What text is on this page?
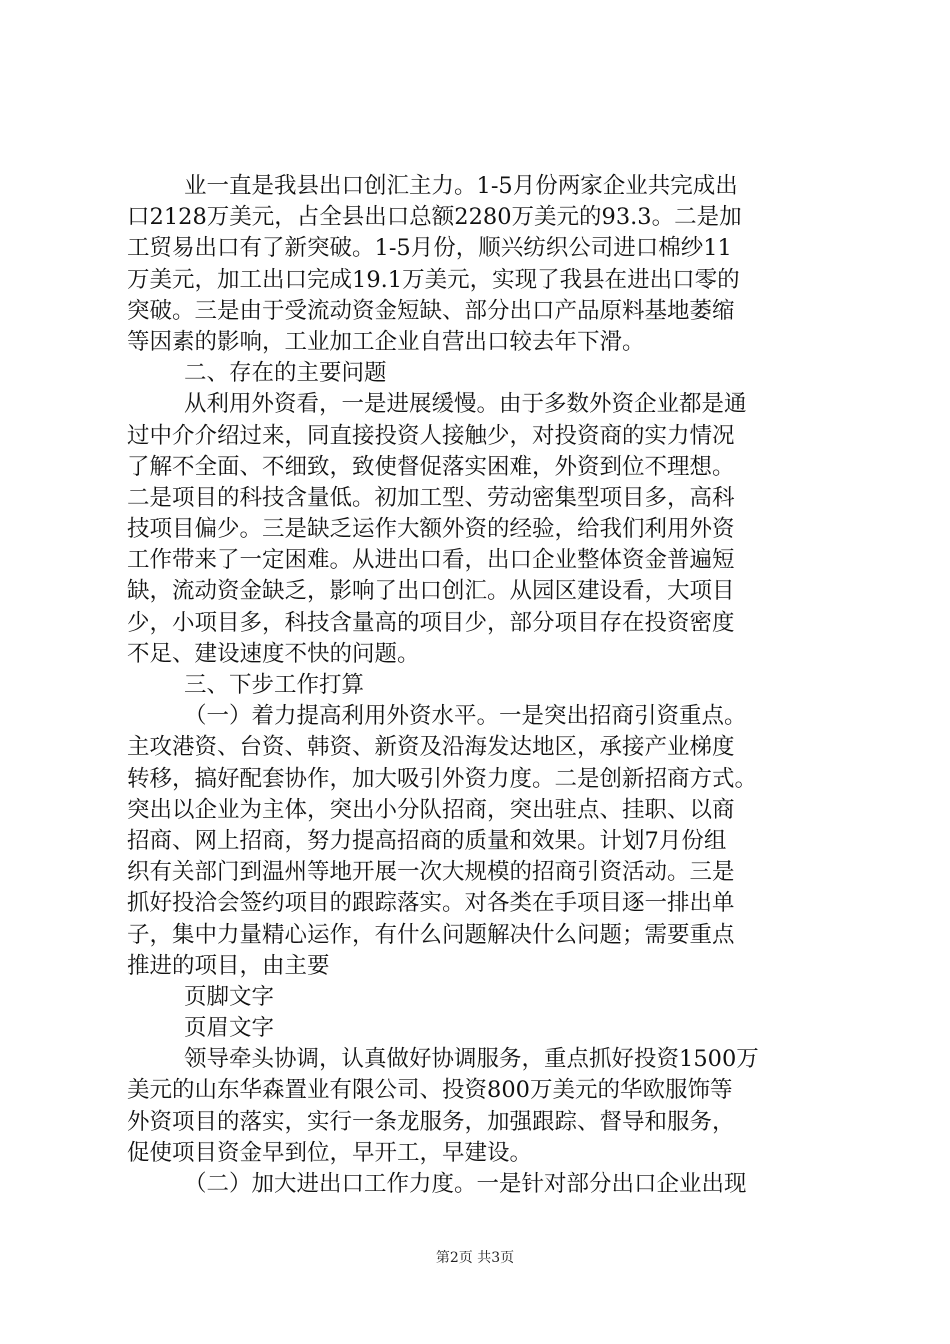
业一直是我县出口创汇主力。1-5月份两家企业共完成出
口2128万美元，占全县出口总额2280万美元的93.3。二是加
工贸易出口有了新突破。1-5月份，顺兴纺织公司进口棉纱11
万美元，加工出口完成19.1万美元，实现了我县在进出口零的
突破。三是由于受流动资金短缺、部分出口产品原料基地萎缩
等因素的影响，工业加工企业自营出口较去年下滑。
二、存在的主要问题
从利用外资看，一是进展缓慢。由于多数外资企业都是通
过中介介绍过来，同直接投资人接触少，对投资商的实力情况
了解不全面、不细致，致使督促落实困难，外资到位不理想。
二是项目的科技含量低。初加工型、劳动密集型项目多，高科
技项目偏少。三是缺乏运作大额外资的经验，给我们利用外资
工作带来了一定困难。从进出口看，出口企业整体资金普遍短
缺，流动资金缺乏，影响了出口创汇。从园区建设看，大项目
少，小项目多，科技含量高的项目少，部分项目存在投资密度
不足、建设速度不快的问题。
三、下步工作打算
（一）着力提高利用外资水平。一是突出招商引资重点。
主攻港资、台资、韩资、新资及沿海发达地区，承接产业梯度
转移，搞好配套协作，加大吸引外资力度。二是创新招商方式。
突出以企业为主体，突出小分队招商，突出驻点、挂职、以商
招商、网上招商，努力提高招商的质量和效果。计划7月份组
织有关部门到温州等地开展一次大规模的招商引资活动。三是
抓好投洽会签约项目的跟踪落实。对各类在手项目逐一排出单
子，集中力量精心运作，有什么问题解决什么问题；需要重点
推进的项目，由主要
页脚文字
页眉文字
领导牵头协调，认真做好协调服务，重点抓好投资1500万
美元的山东华森置业有限公司、投资800万美元的华欧服饰等
外资项目的落实，实行一条龙服务，加强跟踪、督导和服务，
促使项目资金早到位，早开工，早建设。
（二）加大进出口工作力度。一是针对部分出口企业出现
第2页 共3页
